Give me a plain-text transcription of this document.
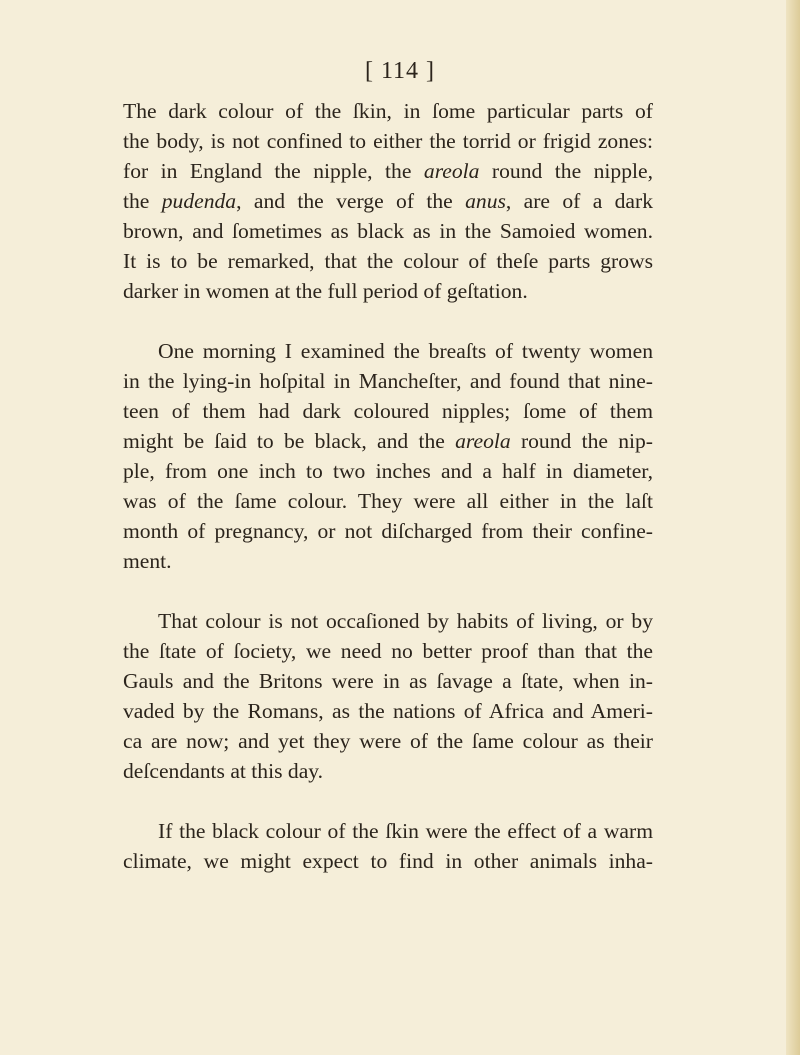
[ 114 ]
The dark colour of the ſkin, in ſome particular parts of
the body, is not confined to either the torrid or frigid zones:
for in England the nipple, the areola round the nipple,
the pudenda, and the verge of the anus, are of a dark
brown, and ſometimes as black as in the Samoied women.
It is to be remarked, that the colour of theſe parts grows
darker in women at the full period of geſtation.
One morning I examined the breaſts of twenty women
in the lying-in hoſpital in Mancheſter, and found that nine-
teen of them had dark coloured nipples; ſome of them
might be ſaid to be black, and the areola round the nip-
ple, from one inch to two inches and a half in diameter,
was of the ſame colour. They were all either in the laſt
month of pregnancy, or not diſcharged from their confine-
ment.
That colour is not occaſioned by habits of living, or by
the ſtate of ſociety, we need no better proof than that the
Gauls and the Britons were in as ſavage a ſtate, when in-
vaded by the Romans, as the nations of Africa and Ameri-
ca are now; and yet they were of the ſame colour as their
deſcendants at this day.
If the black colour of the ſkin were the effect of a warm
climate, we might expect to find in other animals inha-
